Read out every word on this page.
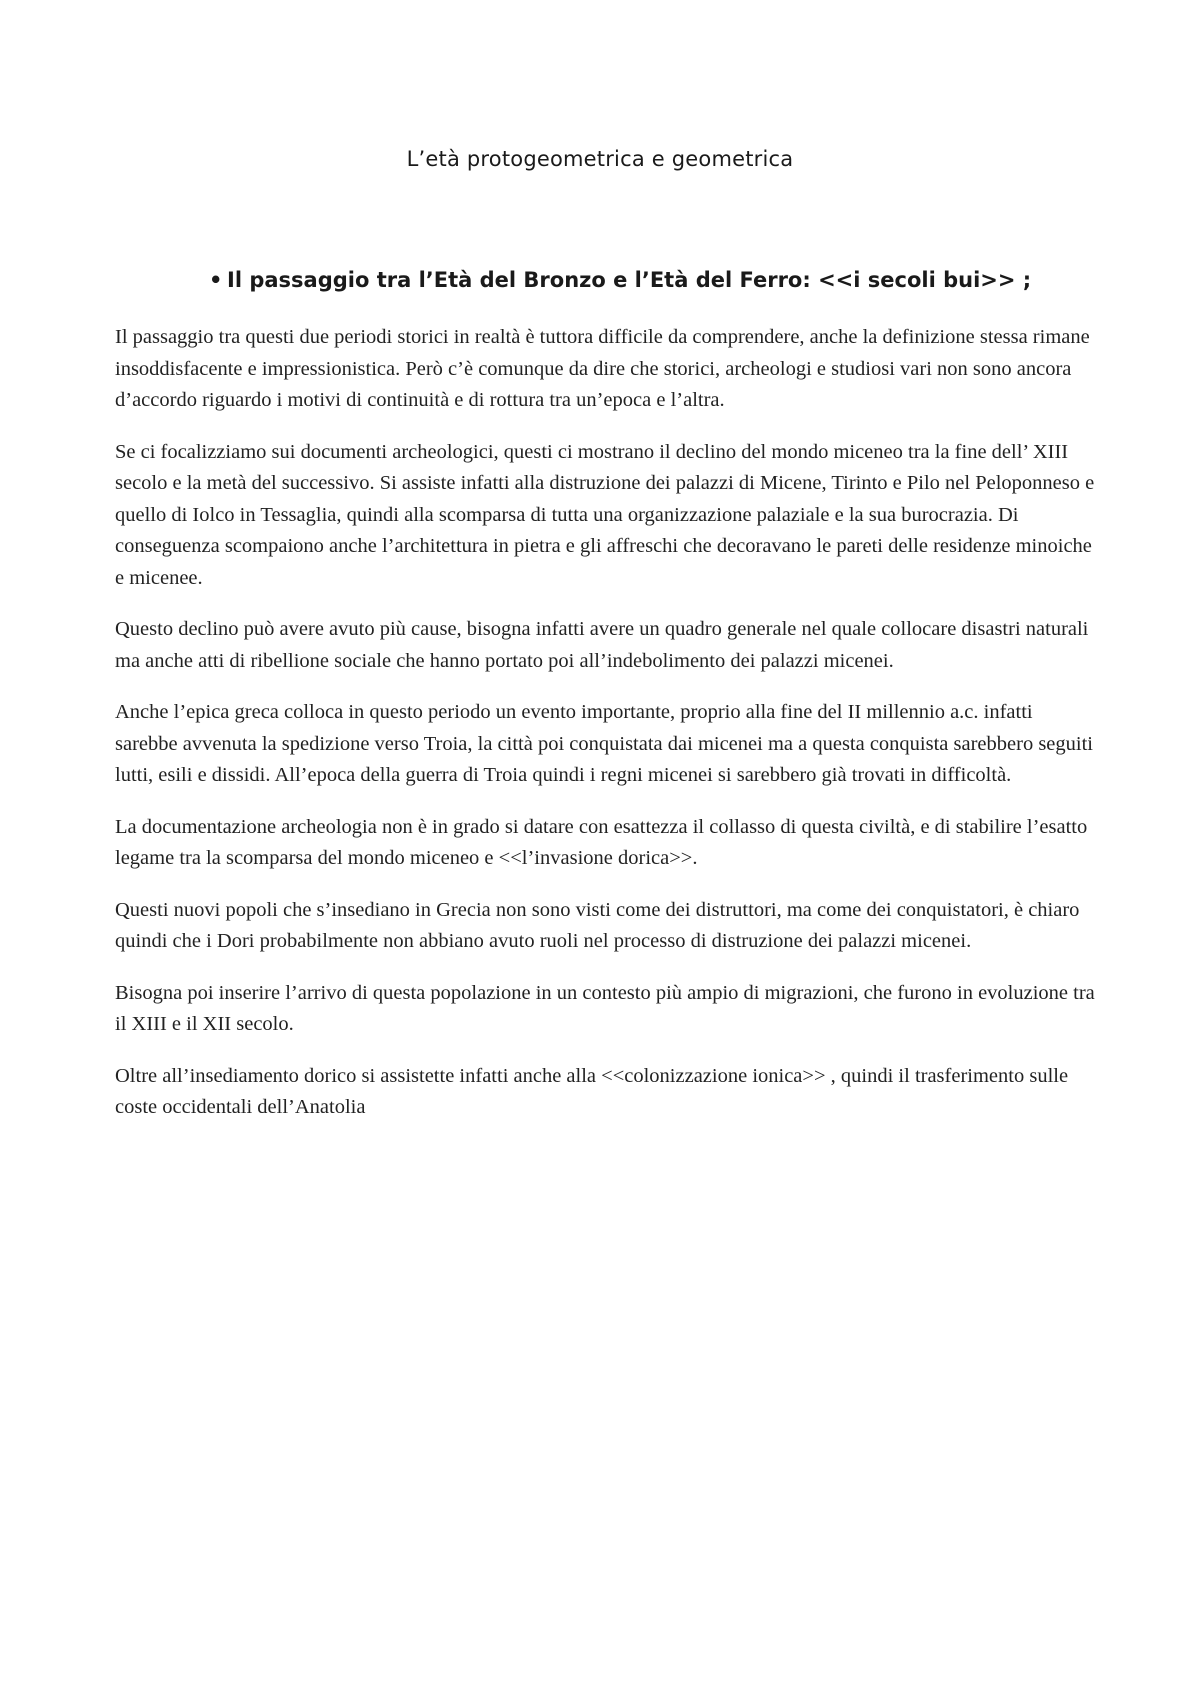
L’età protogeometrica e geometrica
• Il passaggio tra l’Età del Bronzo e l’Età del Ferro: <<i secoli bui>> ;

Il passaggio tra questi due periodi storici in realtà è tuttora difficile da comprendere, anche la definizione stessa rimane insoddisfacente e impressionistica. Però c’è comunque da dire che storici, archeologi e studiosi vari non sono ancora d’accordo riguardo i motivi di continuità e di rottura tra un’epoca e l’altra.

Se ci focalizziamo sui documenti archeologici, questi ci mostrano il declino del mondo miceneo tra la fine dell’ XIII secolo e la metà del successivo. Si assiste infatti alla distruzione dei palazzi di Micene, Tirinto e Pilo nel Peloponneso e quello di Iolco in Tessaglia, quindi alla scomparsa di tutta una organizzazione palaziale e la sua burocrazia. Di conseguenza scompaiono anche l’architettura in pietra e gli affreschi che decoravano le pareti delle residenze minoiche e micenee.

Questo declino può avere avuto più cause, bisogna infatti avere un quadro generale nel quale collocare disastri naturali ma anche atti di ribellione sociale che hanno portato poi all’indebolimento dei palazzi micenei.

Anche l’epica greca colloca in questo periodo un evento importante, proprio alla fine del II millennio a.c. infatti sarebbe avvenuta la spedizione verso Troia, la città poi conquistata dai micenei ma a questa conquista sarebbero seguiti lutti, esili e dissidi. All’epoca della guerra di Troia quindi i regni micenei si sarebbero già trovati in difficoltà.

La documentazione archeologia non è in grado si datare con esattezza il collasso di questa civiltà, e di stabilire l’esatto legame tra la scomparsa del mondo miceneo e <<l’invasione dorica>>.

Questi nuovi popoli che s’insediano in Grecia non sono visti come dei distruttori, ma come dei conquistatori, è chiaro quindi che i Dori probabilmente non abbiano avuto ruoli nel processo di distruzione dei palazzi micenei.

Bisogna poi inserire l’arrivo di questa popolazione in un contesto più ampio di migrazioni, che furono in evoluzione tra il XIII e il XII secolo.

Oltre all’insediamento dorico si assistette infatti anche alla <<colonizzazione ionica>> , quindi il trasferimento sulle coste occidentali dell’Anatolia
